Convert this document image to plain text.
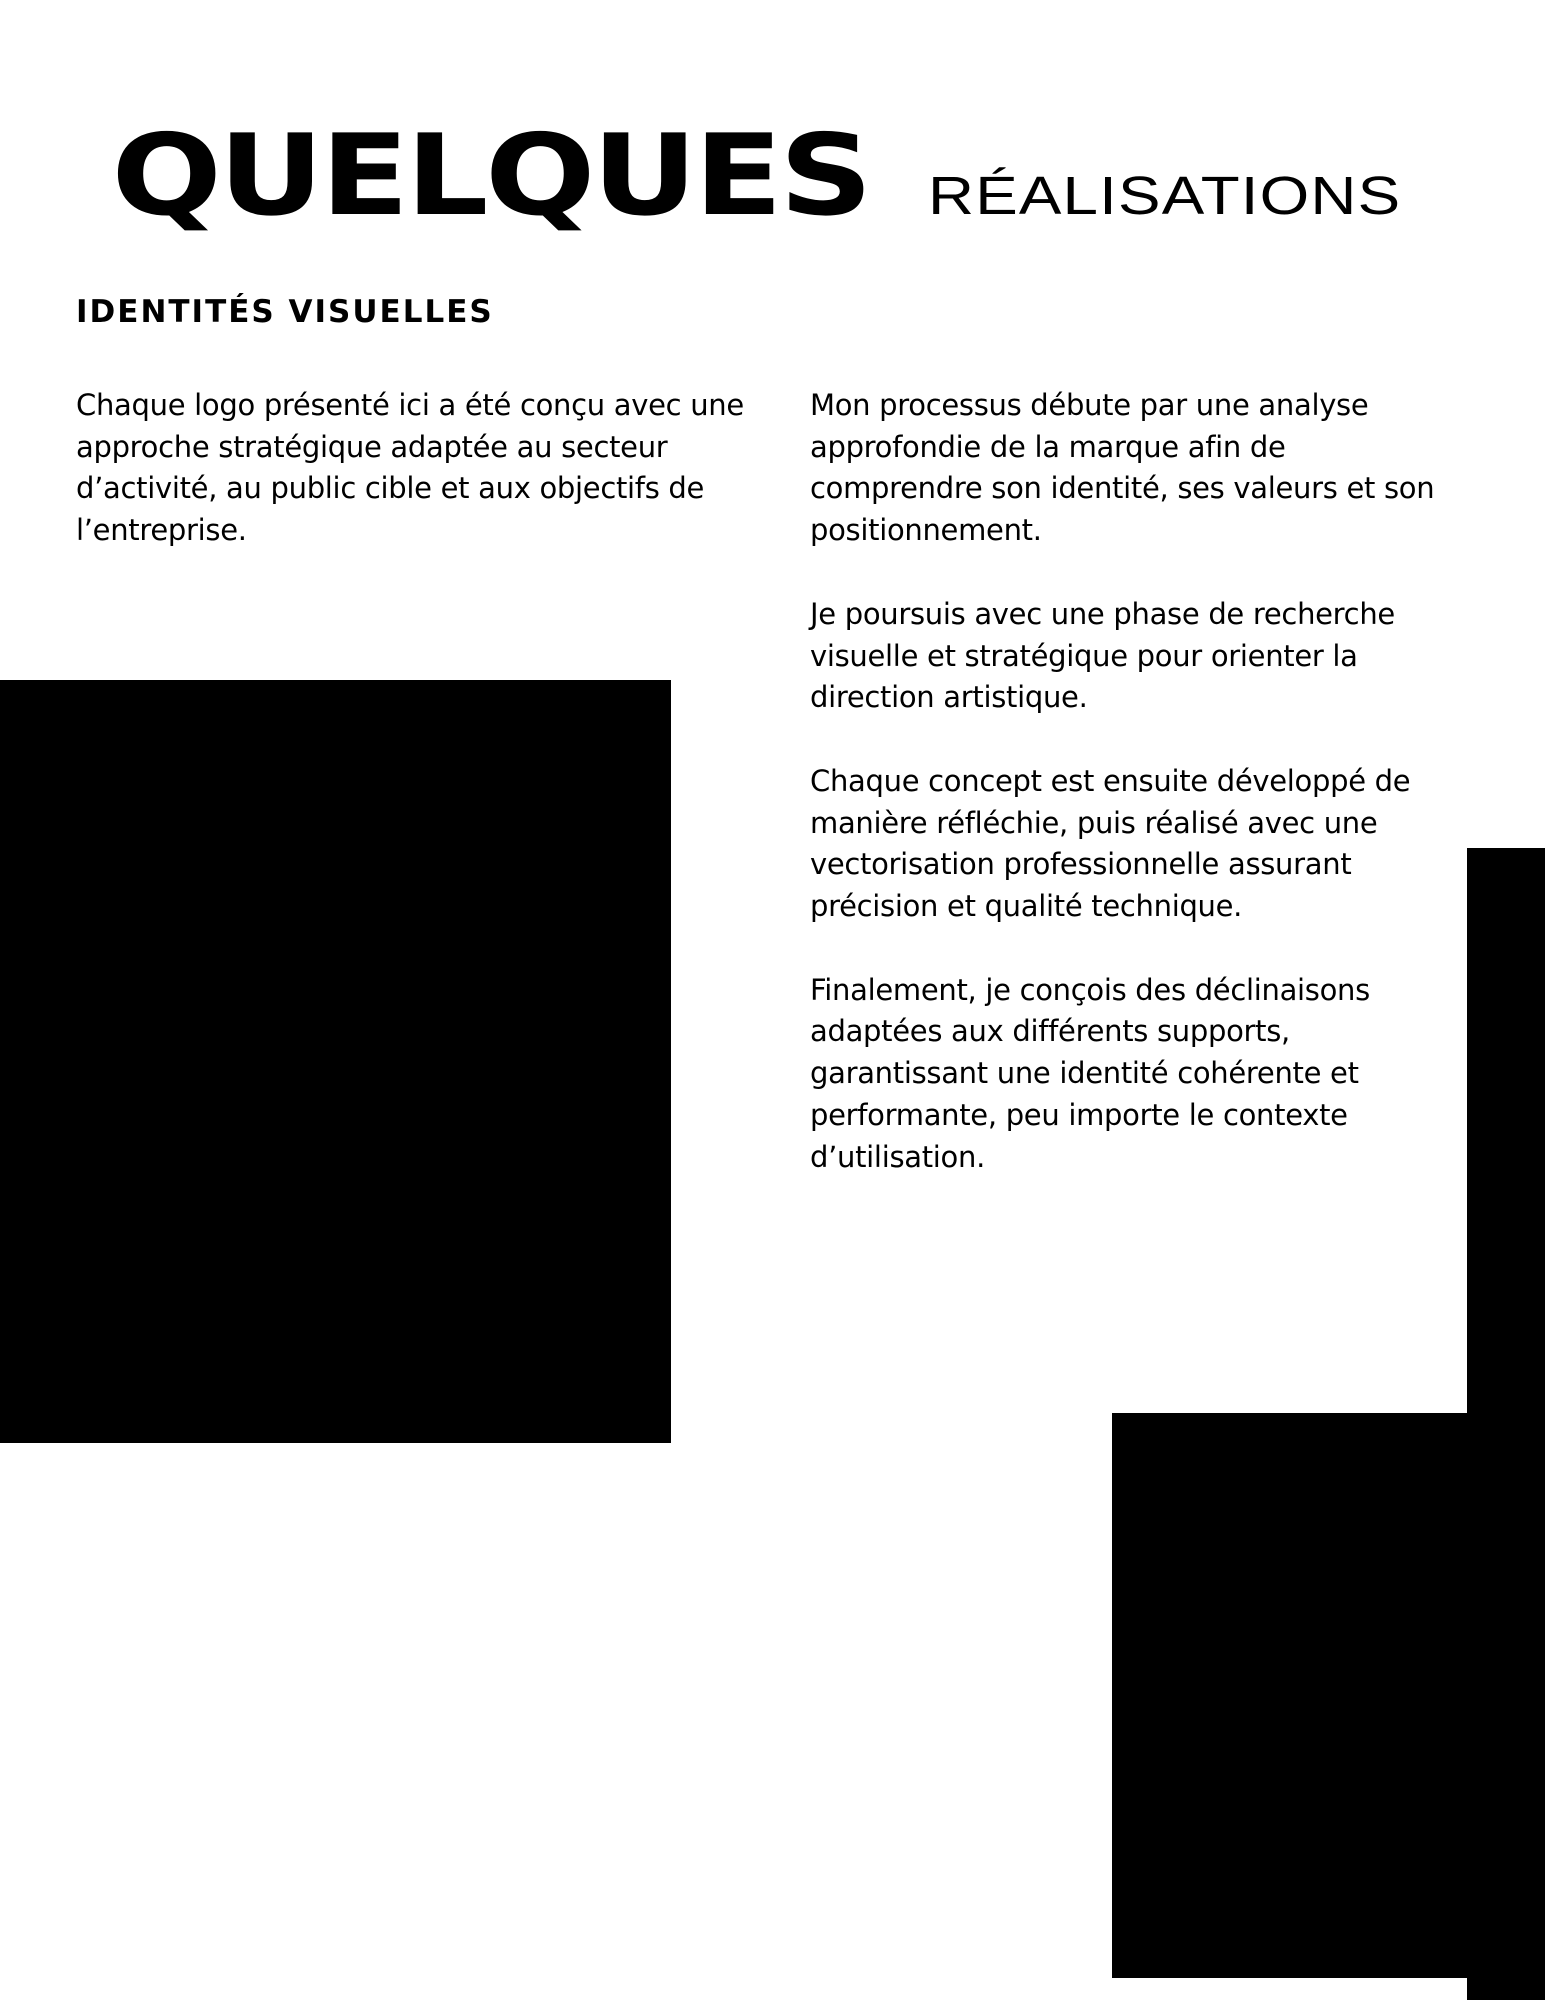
QUELQUES RÉALISATIONS
IDENTITÉS VISUELLES

Chaque logo présenté ici a été conçu avec une approche stratégique adaptée au secteur d’activité, au public cible et aux objectifs de l’entreprise.

Mon processus débute par une analyse approfondie de la marque afin de comprendre son identité, ses valeurs et son positionnement.

Je poursuis avec une phase de recherche visuelle et stratégique pour orienter la direction artistique.

Chaque concept est ensuite développé de manière réfléchie, puis réalisé avec une vectorisation professionnelle assurant précision et qualité technique.

Finalement, je conçois des déclinaisons adaptées aux différents supports, garantissant une identité cohérente et performante, peu importe le contexte d’utilisation.
